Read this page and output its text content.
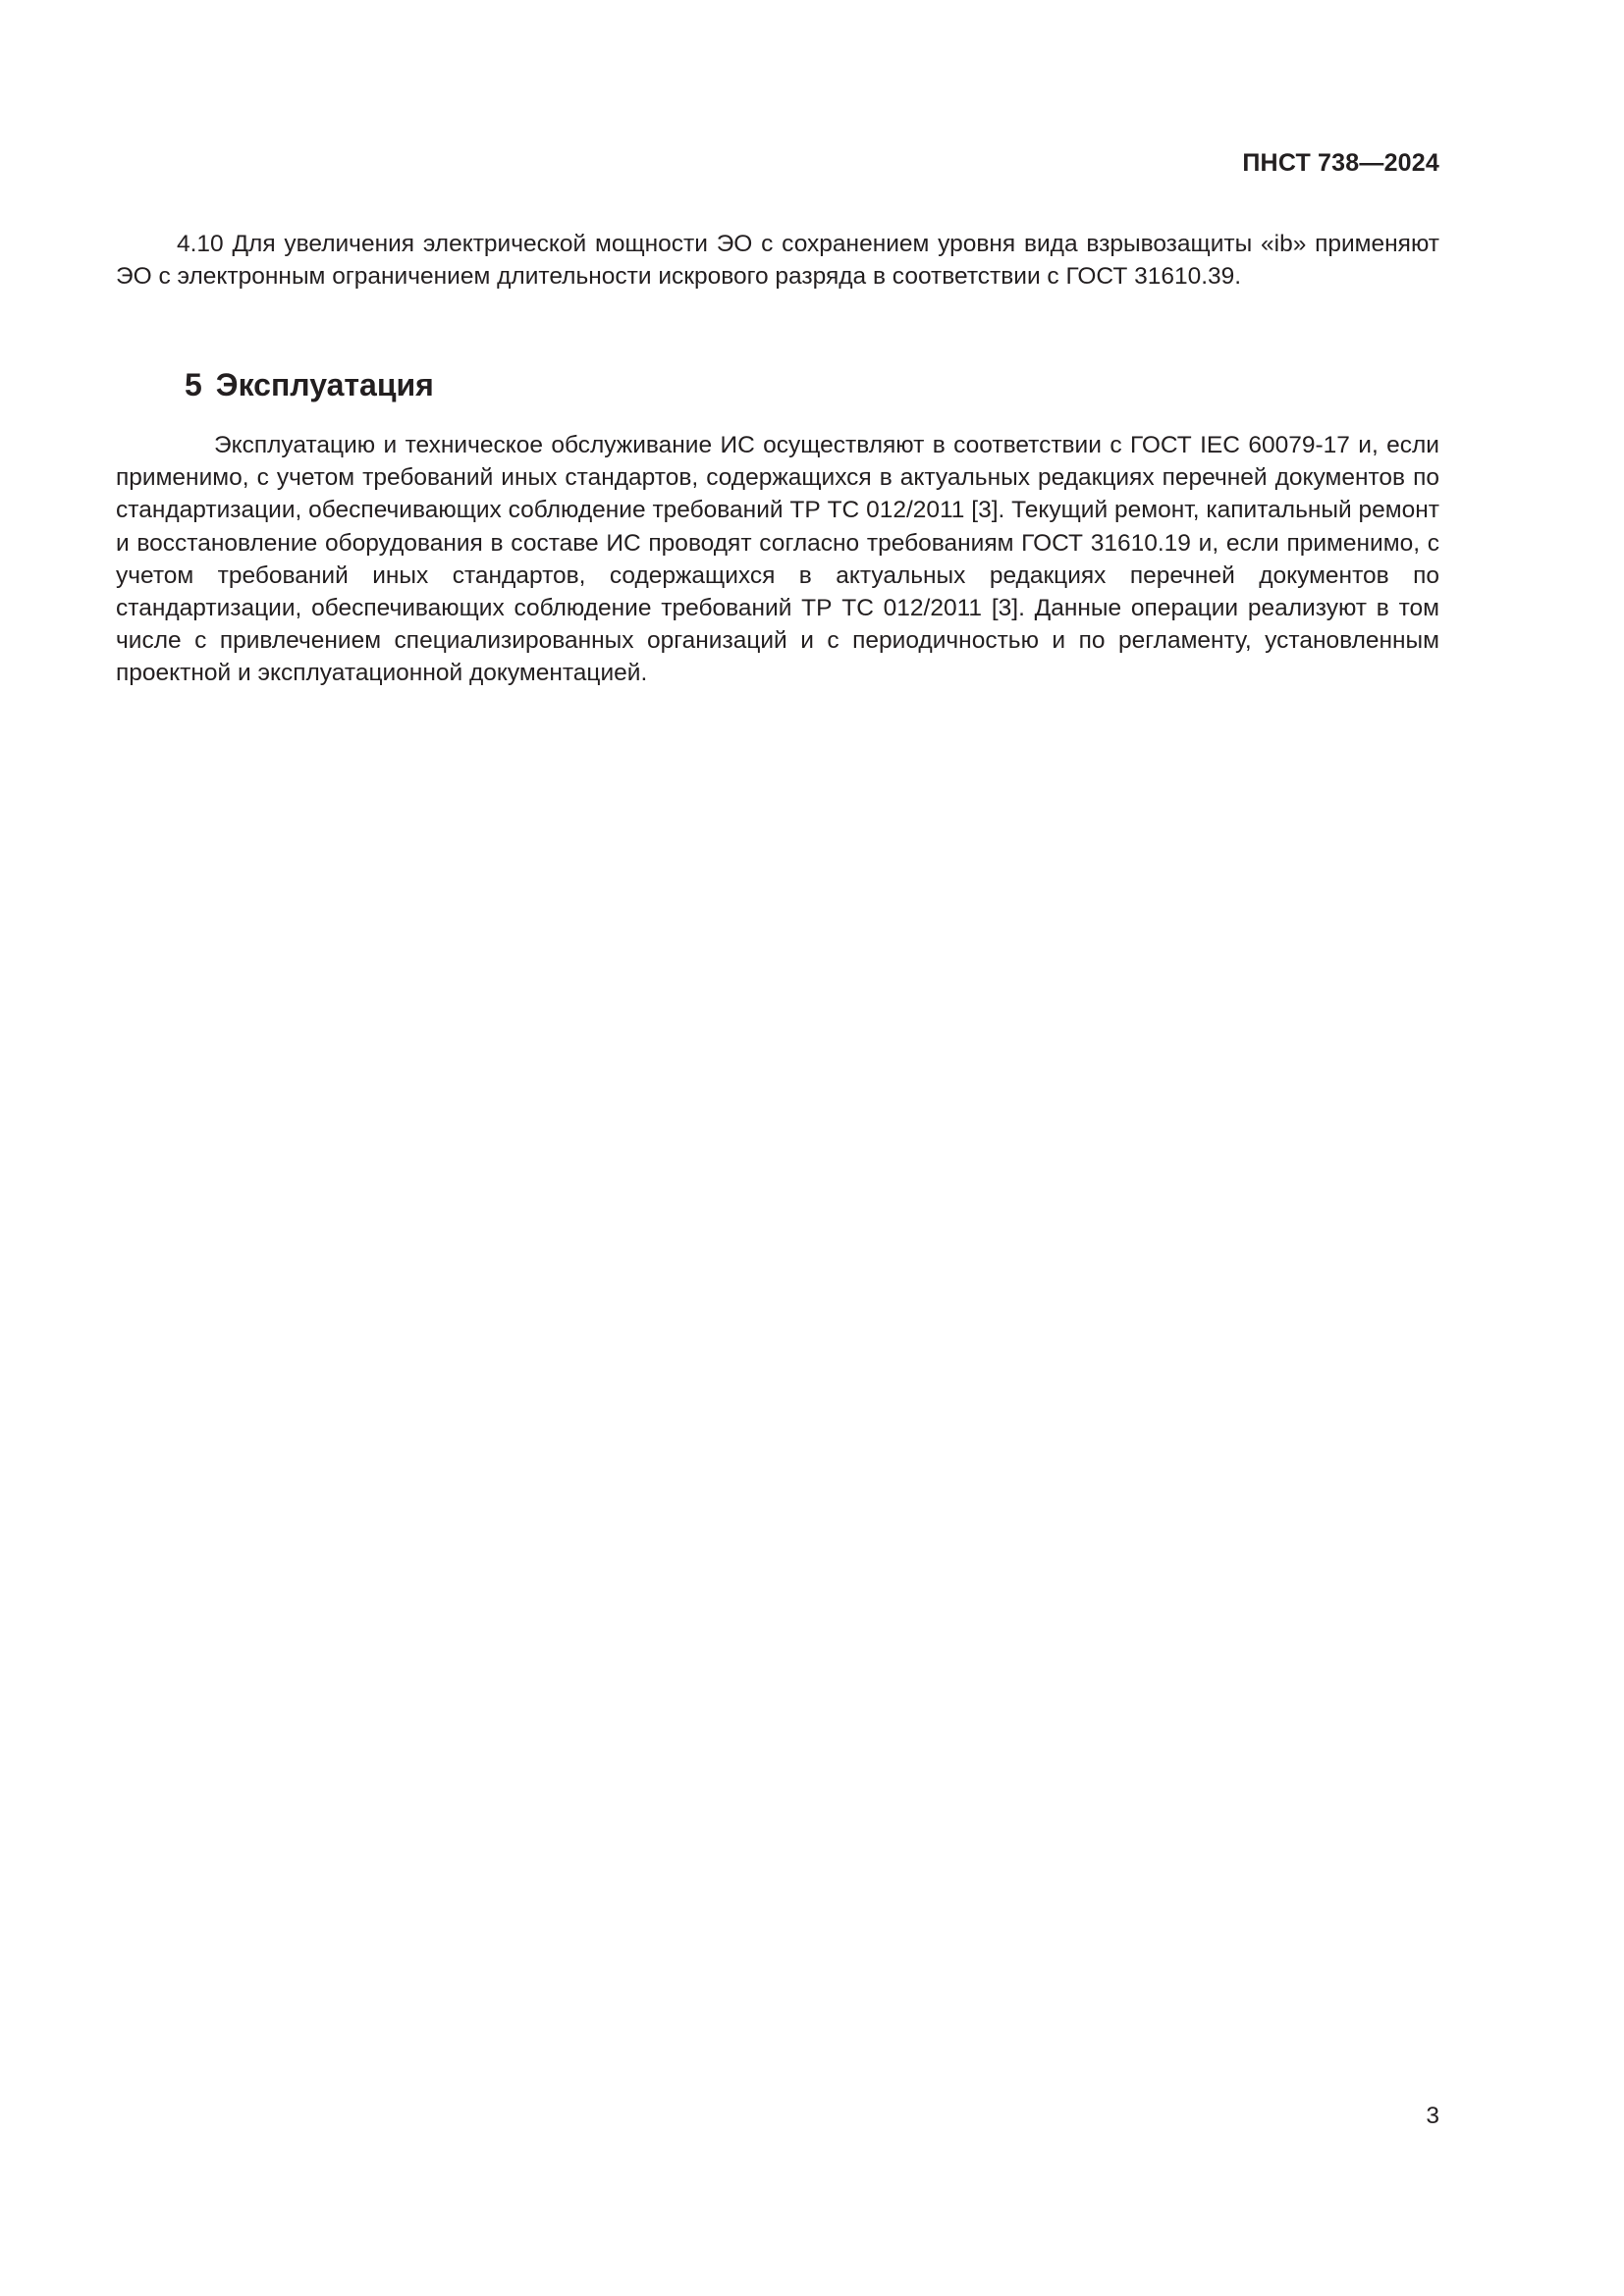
ПНСТ 738—2024

4.10 Для увеличения электрической мощности ЭО с сохранением уровня вида взрывозащиты «ib» применяют ЭО с электронным ограничением длительности искрового разряда в соответствии с ГОСТ 31610.39.

5 Эксплуатация

Эксплуатацию и техническое обслуживание ИС осуществляют в соответствии с ГОСТ IEC 60079-17 и, если применимо, с учетом требований иных стандартов, содержащихся в актуальных редакциях перечней документов по стандартизации, обеспечивающих соблюдение требований ТР ТС 012/2011 [3]. Текущий ремонт, капитальный ремонт и восстановление оборудования в составе ИС проводят согласно требованиям ГОСТ 31610.19 и, если применимо, с учетом требований иных стандартов, содержащихся в актуальных редакциях перечней документов по стандартизации, обеспечивающих соблюдение требований ТР ТС 012/2011 [3]. Данные операции реализуют в том числе с привлечением специализированных организаций и с периодичностью и по регламенту, установленным проектной и эксплуатационной документацией.

3
